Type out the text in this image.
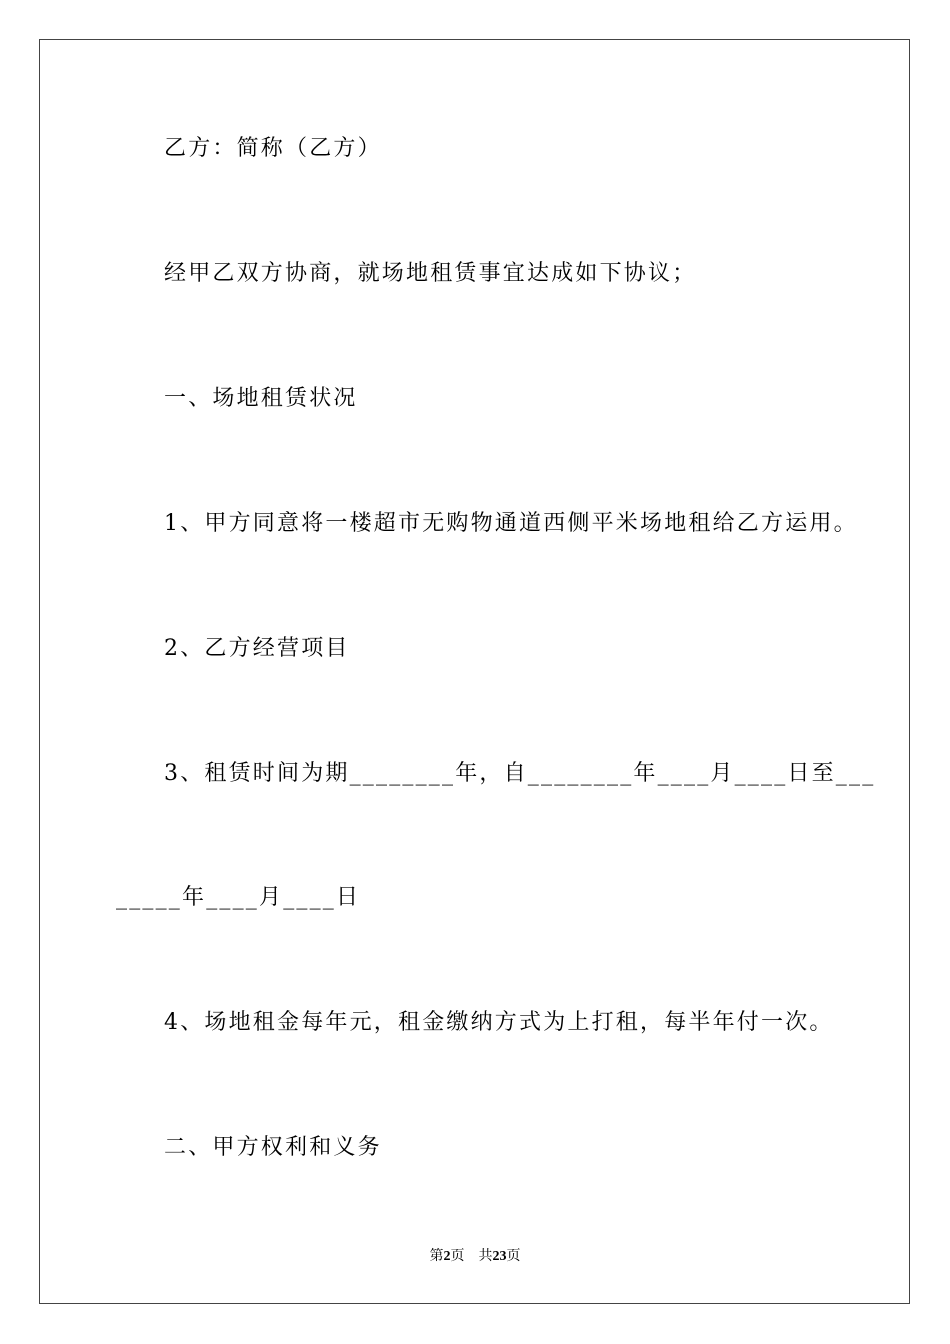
乙方：简称（乙方）
经甲乙双方协商，就场地租赁事宜达成如下协议；
一、场地租赁状况
1、甲方同意将一楼超市无购物通道西侧平米场地租给乙方运用。
2、乙方经营项目
3、租赁时间为期________年，自________年____月____日至___
_____年____月____日
4、场地租金每年元，租金缴纳方式为上打租，每半年付一次。
二、甲方权利和义务
第2页 共23页
